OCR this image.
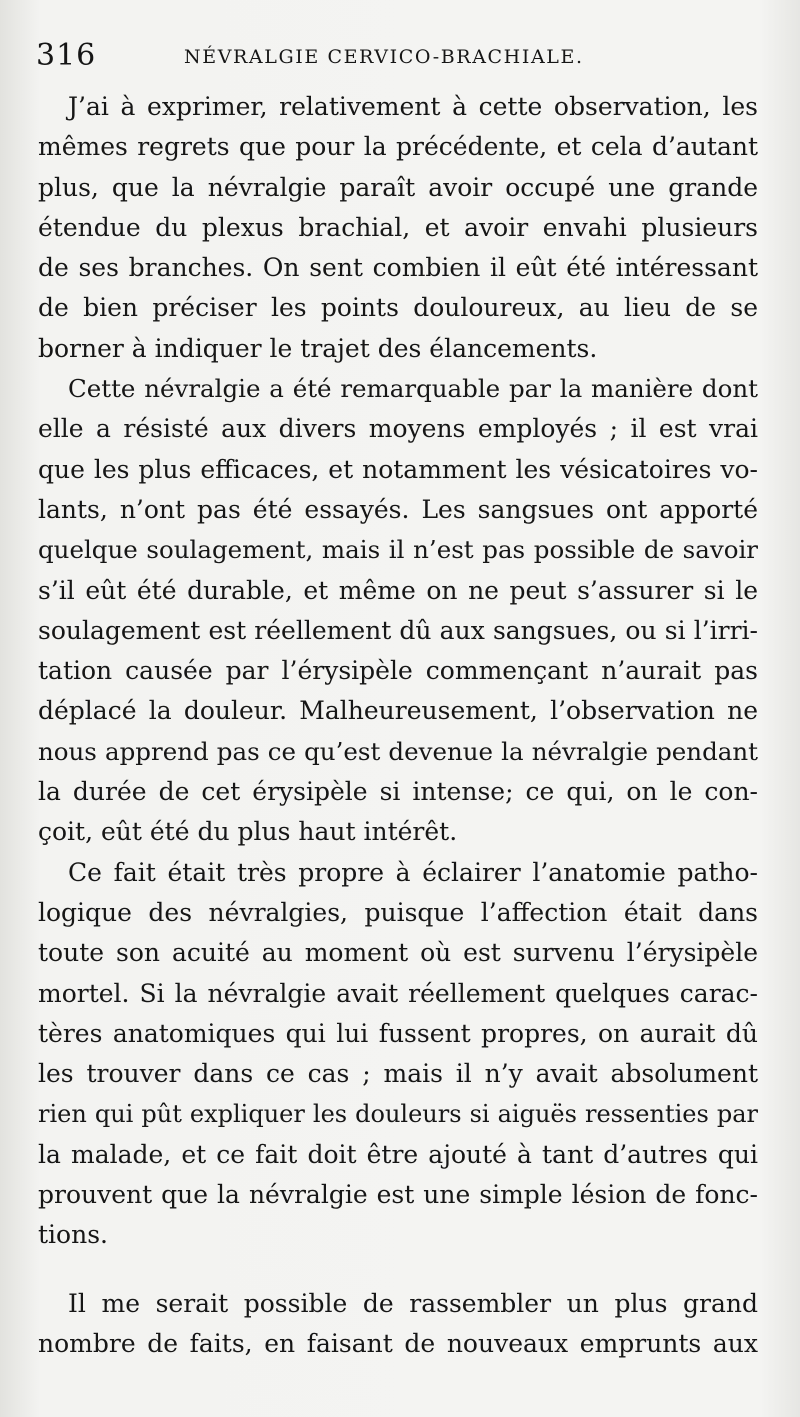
316	NÉVRALGIE CERVICO-BRACHIALE.
J’ai à exprimer, relativement à cette observation, les
mêmes regrets que pour la précédente, et cela d’autant
plus, que la névralgie paraît avoir occupé une grande
étendue du plexus brachial, et avoir envahi plusieurs
de ses branches. On sent combien il eût été intéressant
de bien préciser les points douloureux, au lieu de se
borner à indiquer le trajet des élancements.
Cette névralgie a été remarquable par la manière dont
elle a résisté aux divers moyens employés ; il est vrai
que les plus efficaces, et notamment les vésicatoires vo-
lants, n’ont pas été essayés. Les sangsues ont apporté
quelque soulagement, mais il n’est pas possible de savoir
s’il eût été durable, et même on ne peut s’assurer si le
soulagement est réellement dû aux sangsues, ou si l’irri-
tation causée par l’érysipèle commençant n’aurait pas
déplacé la douleur. Malheureusement, l’observation ne
nous apprend pas ce qu’est devenue la névralgie pendant
la durée de cet érysipèle si intense; ce qui, on le con-
çoit, eût été du plus haut intérêt.
Ce fait était très propre à éclairer l’anatomie patho-
logique des névralgies, puisque l’affection était dans
toute son acuité au moment où est survenu l’érysipèle
mortel. Si la névralgie avait réellement quelques carac-
tères anatomiques qui lui fussent propres, on aurait dû
les trouver dans ce cas ; mais il n’y avait absolument
rien qui pût expliquer les douleurs si aiguës ressenties par
la malade, et ce fait doit être ajouté à tant d’autres qui
prouvent que la névralgie est une simple lésion de fonc-
tions.
Il me serait possible de rassembler un plus grand
nombre de faits, en faisant de nouveaux emprunts aux
